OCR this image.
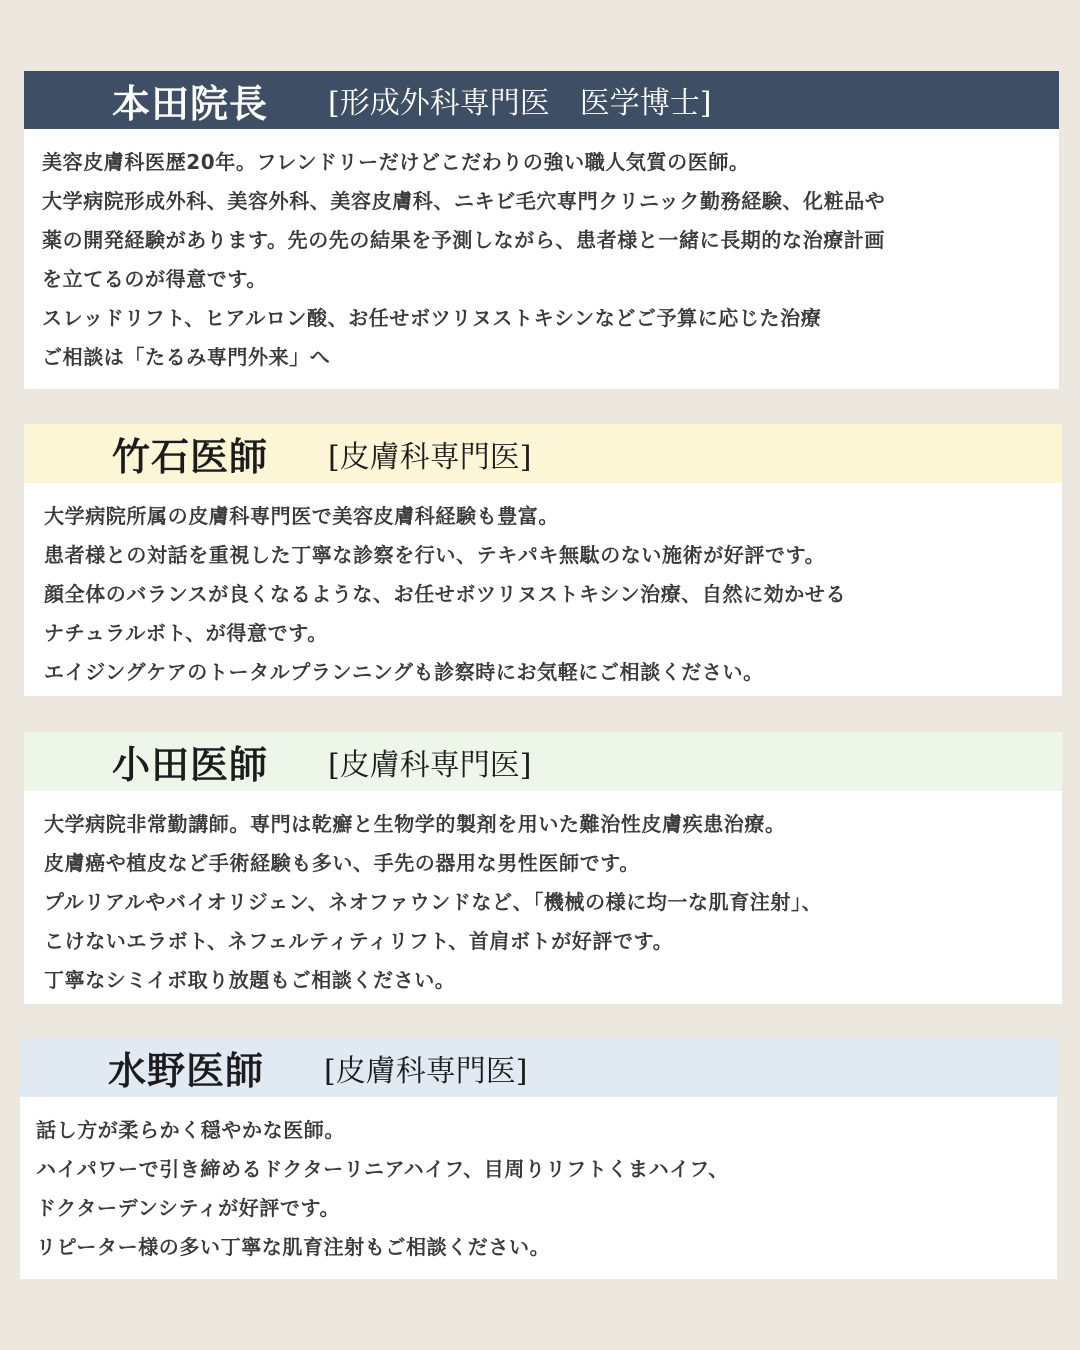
本田院長	[形成外科専門医　医学博士]
美容皮膚科医歴20年。フレンドリーだけどこだわりの強い職人気質の医師。
大学病院形成外科、美容外科、美容皮膚科、ニキビ毛穴専門クリニック勤務経験、化粧品や
薬の開発経験があります。先の先の結果を予測しながら、患者様と一緒に長期的な治療計画
を立てるのが得意です。
スレッドリフト、ヒアルロン酸、お任せボツリヌストキシンなどご予算に応じた治療
ご相談は「たるみ専門外来」へ
竹石医師	[皮膚科専門医]
大学病院所属の皮膚科専門医で美容皮膚科経験も豊富。
患者様との対話を重視した丁寧な診察を行い、テキパキ無駄のない施術が好評です。
顔全体のバランスが良くなるような、お任せボツリヌストキシン治療、自然に効かせる
ナチュラルボト、が得意です。
エイジングケアのトータルプランニングも診察時にお気軽にご相談ください。
小田医師	[皮膚科専門医]
大学病院非常勤講師。専門は乾癬と生物学的製剤を用いた難治性皮膚疾患治療。
皮膚癌や植皮など手術経験も多い、手先の器用な男性医師です。
プルリアルやバイオリジェン、ネオファウンドなど、「機械の様に均一な肌育注射」、
こけないエラボト、ネフェルティティリフト、首肩ボトが好評です。
丁寧なシミイボ取り放題もご相談ください。
水野医師	[皮膚科専門医]
話し方が柔らかく穏やかな医師。
ハイパワーで引き締めるドクターリニアハイフ、目周りリフトくまハイフ、
ドクターデンシティが好評です。
リピーター様の多い丁寧な肌育注射もご相談ください。
